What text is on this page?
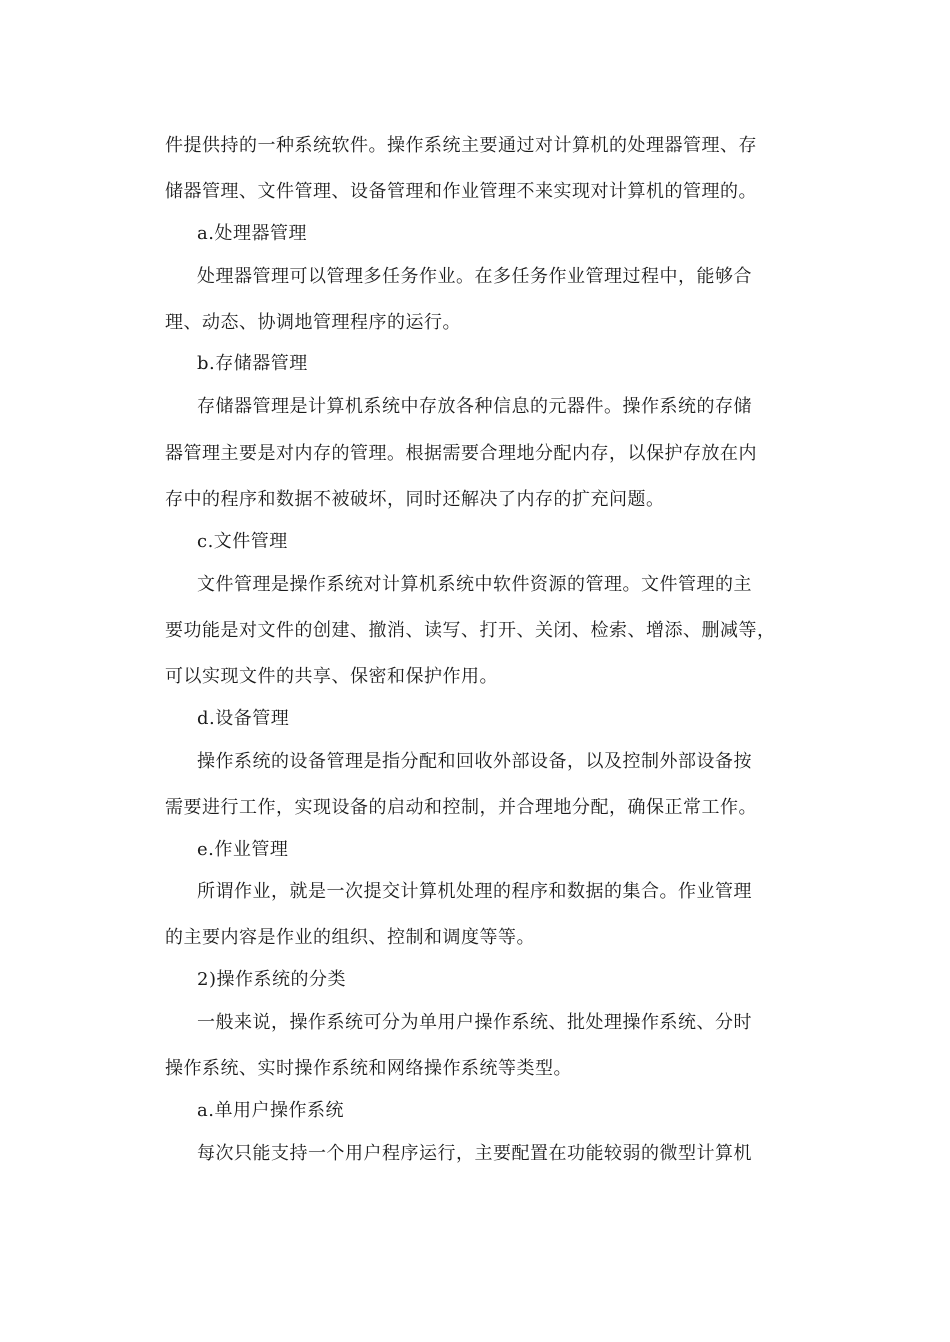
件提供持的一种系统软件。操作系统主要通过对计算机的处理器管理、存
储器管理、文件管理、设备管理和作业管理不来实现对计算机的管理的。
a.处理器管理
处理器管理可以管理多任务作业。在多任务作业管理过程中，能够合
理、动态、协调地管理程序的运行。
b.存储器管理
存储器管理是计算机系统中存放各种信息的元器件。操作系统的存储
器管理主要是对内存的管理。根据需要合理地分配内存，以保护存放在内
存中的程序和数据不被破坏，同时还解决了内存的扩充问题。
c.文件管理
文件管理是操作系统对计算机系统中软件资源的管理。文件管理的主
要功能是对文件的创建、撤消、读写、打开、关闭、检索、增添、删减等，
可以实现文件的共享、保密和保护作用。
d.设备管理
操作系统的设备管理是指分配和回收外部设备，以及控制外部设备按
需要进行工作，实现设备的启动和控制，并合理地分配，确保正常工作。
e.作业管理
所谓作业，就是一次提交计算机处理的程序和数据的集合。作业管理
的主要内容是作业的组织、控制和调度等等。
2)操作系统的分类
一般来说，操作系统可分为单用户操作系统、批处理操作系统、分时
操作系统、实时操作系统和网络操作系统等类型。
a.单用户操作系统
每次只能支持一个用户程序运行，主要配置在功能较弱的微型计算机
